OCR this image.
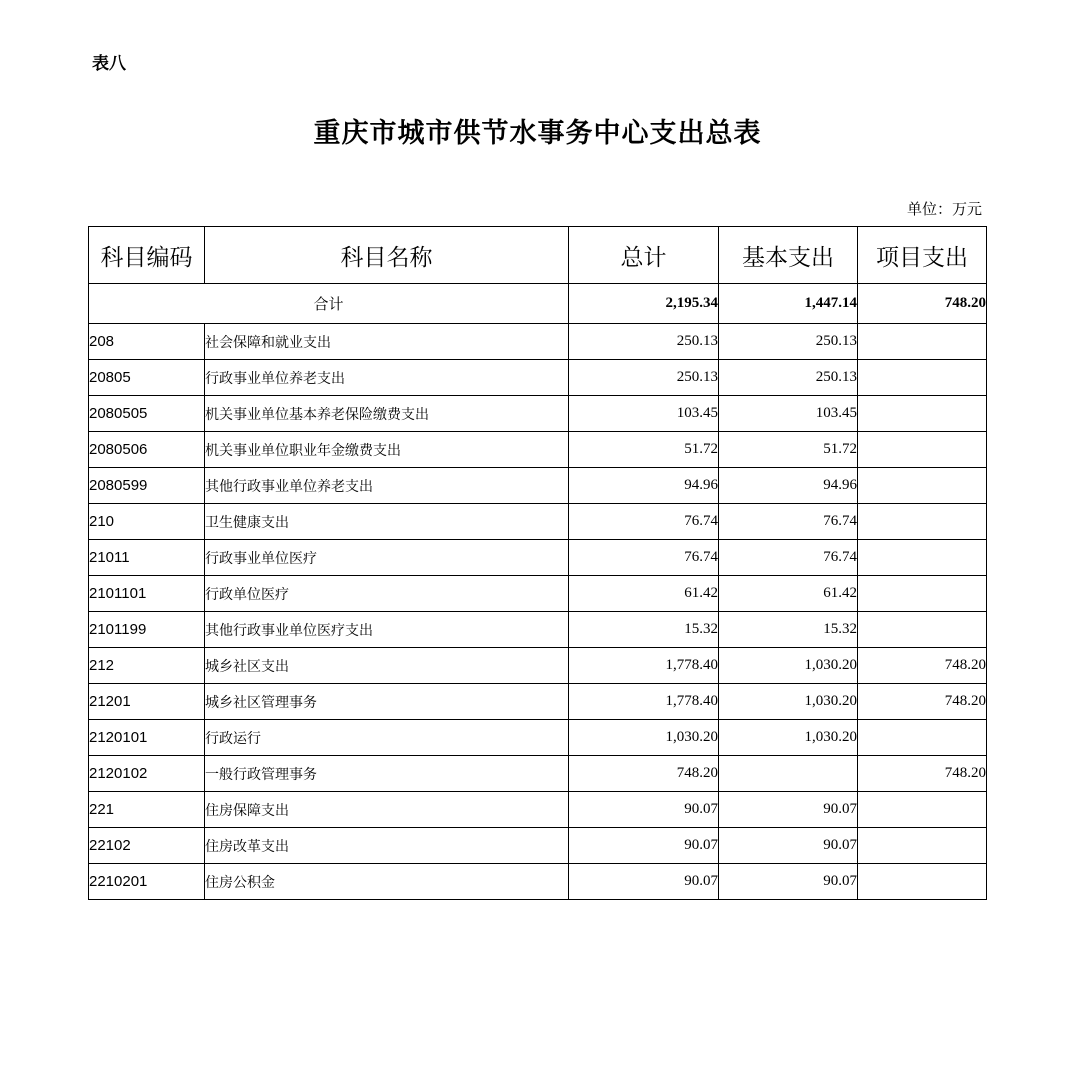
表八
重庆市城市供节水事务中心支出总表
单位：万元
科目编码	科目名称	总计	基本支出	项目支出
合计		2,195.34	1,447.14	748.20
208	社会保障和就业支出	250.13	250.13	
20805	行政事业单位养老支出	250.13	250.13	
2080505	机关事业单位基本养老保险缴费支出	103.45	103.45	
2080506	机关事业单位职业年金缴费支出	51.72	51.72	
2080599	其他行政事业单位养老支出	94.96	94.96	
210	卫生健康支出	76.74	76.74	
21011	行政事业单位医疗	76.74	76.74	
2101101	行政单位医疗	61.42	61.42	
2101199	其他行政事业单位医疗支出	15.32	15.32	
212	城乡社区支出	1,778.40	1,030.20	748.20
21201	城乡社区管理事务	1,778.40	1,030.20	748.20
2120101	行政运行	1,030.20	1,030.20	
2120102	一般行政管理事务	748.20		748.20
221	住房保障支出	90.07	90.07	
22102	住房改革支出	90.07	90.07	
2210201	住房公积金	90.07	90.07	
